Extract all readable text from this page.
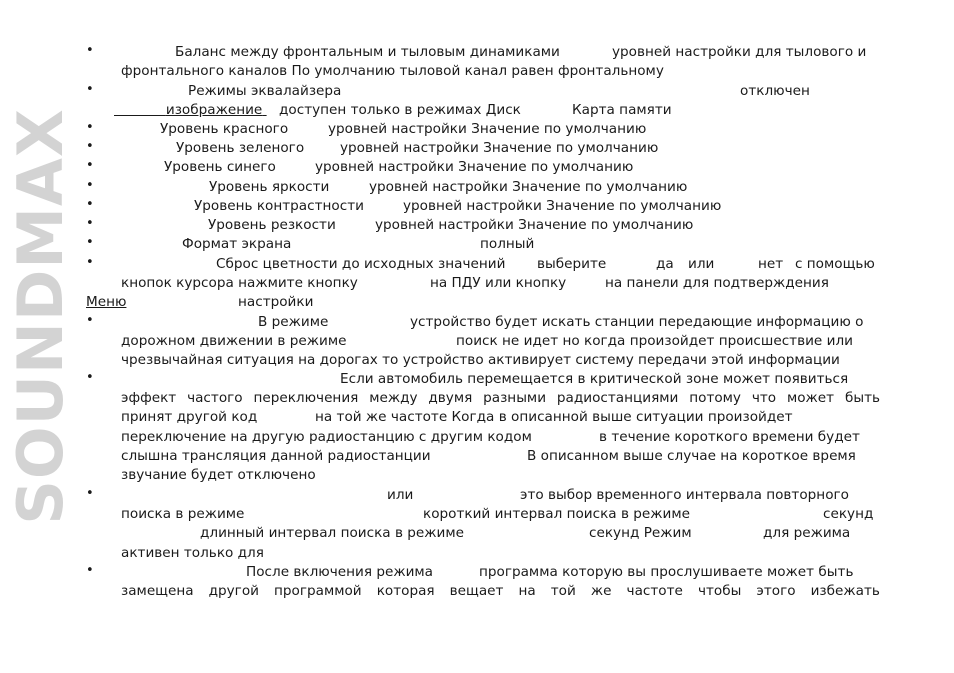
SOUNDMAX
•
•
•
•
•
•
•
•
•
•
•
•
•
•
Баланс между фронтальным и тыловым динамиками	уровней настройки для тылового и
фронтального каналов По умолчанию тыловой канал равен фронтальному
Режимы эквалайзера	отключен
изображение	доступен только в режимах Диск	Карта памяти
Уровень красного	уровней настройки Значение по умолчанию
Уровень зеленого	уровней настройки Значение по умолчанию
Уровень синего	уровней настройки Значение по умолчанию
Уровень яркости	уровней настройки Значение по умолчанию
Уровень контрастности	уровней настройки Значение по умолчанию
Уровень резкости	уровней настройки Значение по умолчанию
Формат экрана	полный
Сброс цветности до исходных значений выберите	да или	нет с помощью
кнопок курсора нажмите кнопку	на ПДУ или кнопку	на панели для подтверждения
Меню	настройки
В режиме	устройство будет искать станции передающие информацию о
дорожном движении в режиме	поиск не идет но когда произойдет происшествие или
чрезвычайная ситуация на дорогах то устройство активирует систему передачи этой информации
Если автомобиль перемещается в критической зоне может появиться
эффект частого переключения между двумя разными радиостанциями потому что может быть
принят другой код	на той же частоте Когда в описанной выше ситуации произойдет
переключение на другую радиостанцию с другим кодом	в течение короткого времени будет
слышна трансляция данной радиостанции	В описанном выше случае на короткое время
звучание будет отключено
или	это выбор временного интервала повторного
поиска в режиме	короткий интервал поиска в режиме	секунд
длинный интервал поиска в режиме	секунд Режим	для режима
активен только для
После включения режима	программа которую вы прослушиваете может быть
замещена другой программой которая вещает на той же частоте чтобы этого избежать
